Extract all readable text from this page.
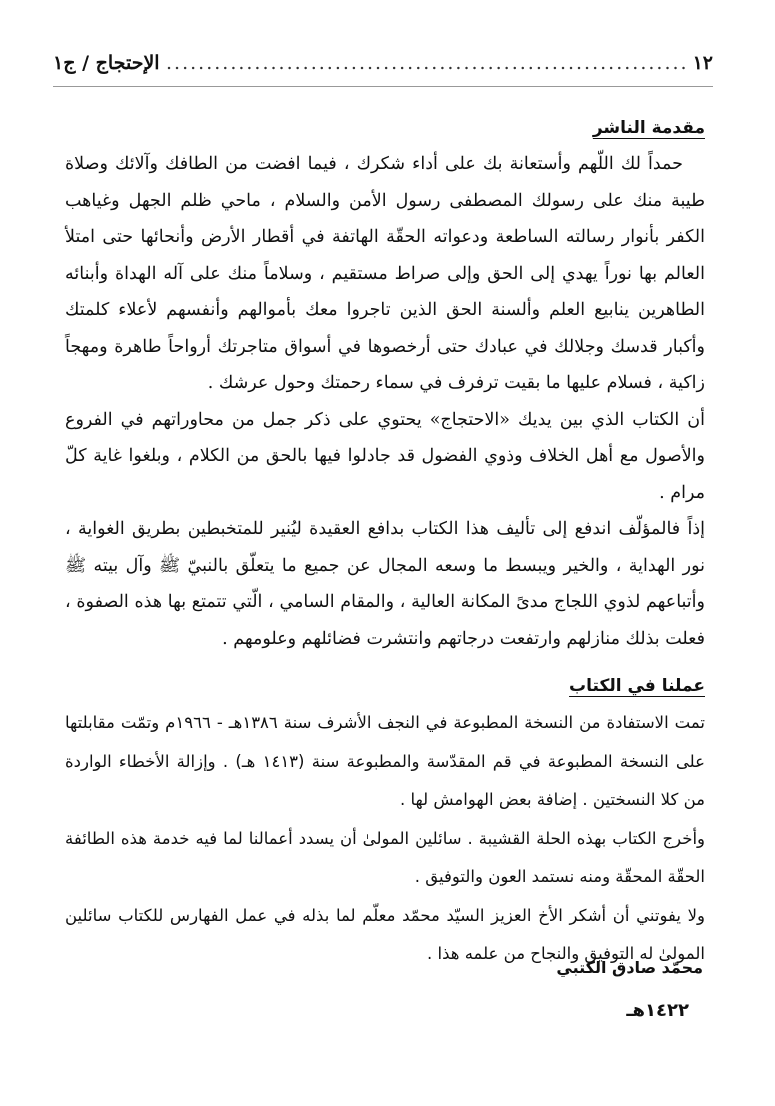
١٢
.....
الإحتجاج / ج١
مقدمة الناشر

حمداً لك اللّهم وأستعانة بك على أداء شكرك ، فيما افضت من الطافك وآلائك وصلاة طيبة منك على رسولك المصطفى رسول الأمن والسلام ، ماحي ظلم الجهل وغياهب الكفر بأنوار رسالته الساطعة ودعواته الحقّة الهاتفة في أقطار الأرض وأنحائها حتى امتلأ العالم بها نوراً يهدي إلى الحق وإلى صراط مستقيم ، وسلاماً منك على آله الهداة وأبنائه الطاهرين ينابيع العلم وألسنة الحق الذين تاجروا معك بأموالهم وأنفسهم لأعلاء كلمتك وأكبار قدسك وجلالك في عبادك حتى أرخصوها في أسواق متاجرتك أرواحاً طاهرة ومهجاً زاكية ، فسلام عليها ما بقيت ترفرف في سماء رحمتك وحول عرشك .

أن الكتاب الذي بين يديك «الاحتجاج» يحتوي على ذكر جمل من محاوراتهم في الفروع والأصول مع أهل الخلاف وذوي الفضول قد جادلوا فيها بالحق من الكلام ، وبلغوا غاية كلّ مرام .

إذاً فالمؤلّف اندفع إلى تأليف هذا الكتاب بدافع العقيدة ليُنير للمتخبطين بطريق الغواية ، نور الهداية ، والخير ويبسط ما وسعه المجال عن جميع ما يتعلّق بالنبيّ ﷺ وآل بيته ﷺ وأتباعهم لذوي اللجاج مدىً المكانة العالية ، والمقام السامي ، الّتي تتمتع بها هذه الصفوة ، فعلت بذلك منازلهم وارتفعت درجاتهم وانتشرت فضائلهم وعلومهم .

عملنا في الكتاب

تمت الاستفادة من النسخة المطبوعة في النجف الأشرف سنة ١٣٨٦هـ - ١٩٦٦م وتمّت مقابلتها على النسخة المطبوعة في قم المقدّسة والمطبوعة سنة (١٤١٣ هـ) . وإزالة الأخطاء الواردة من كلا النسختين . إضافة بعض الهوامش لها .

وأخرج الكتاب بهذه الحلة القشيبة . سائلين المولىٰ أن يسدد أعمالنا لما فيه خدمة هذه الطائفة الحقّة المحقّة ومنه نستمد العون والتوفيق .

ولا يفوتني أن أشكر الأخ العزيز السيّد محمّد معلّم لما بذله في عمل الفهارس للكتاب سائلين المولىٰ له التوفيق والنجاح من علمه هذا .

محمّد صادق الكتبي
١٤٢٢هـ
